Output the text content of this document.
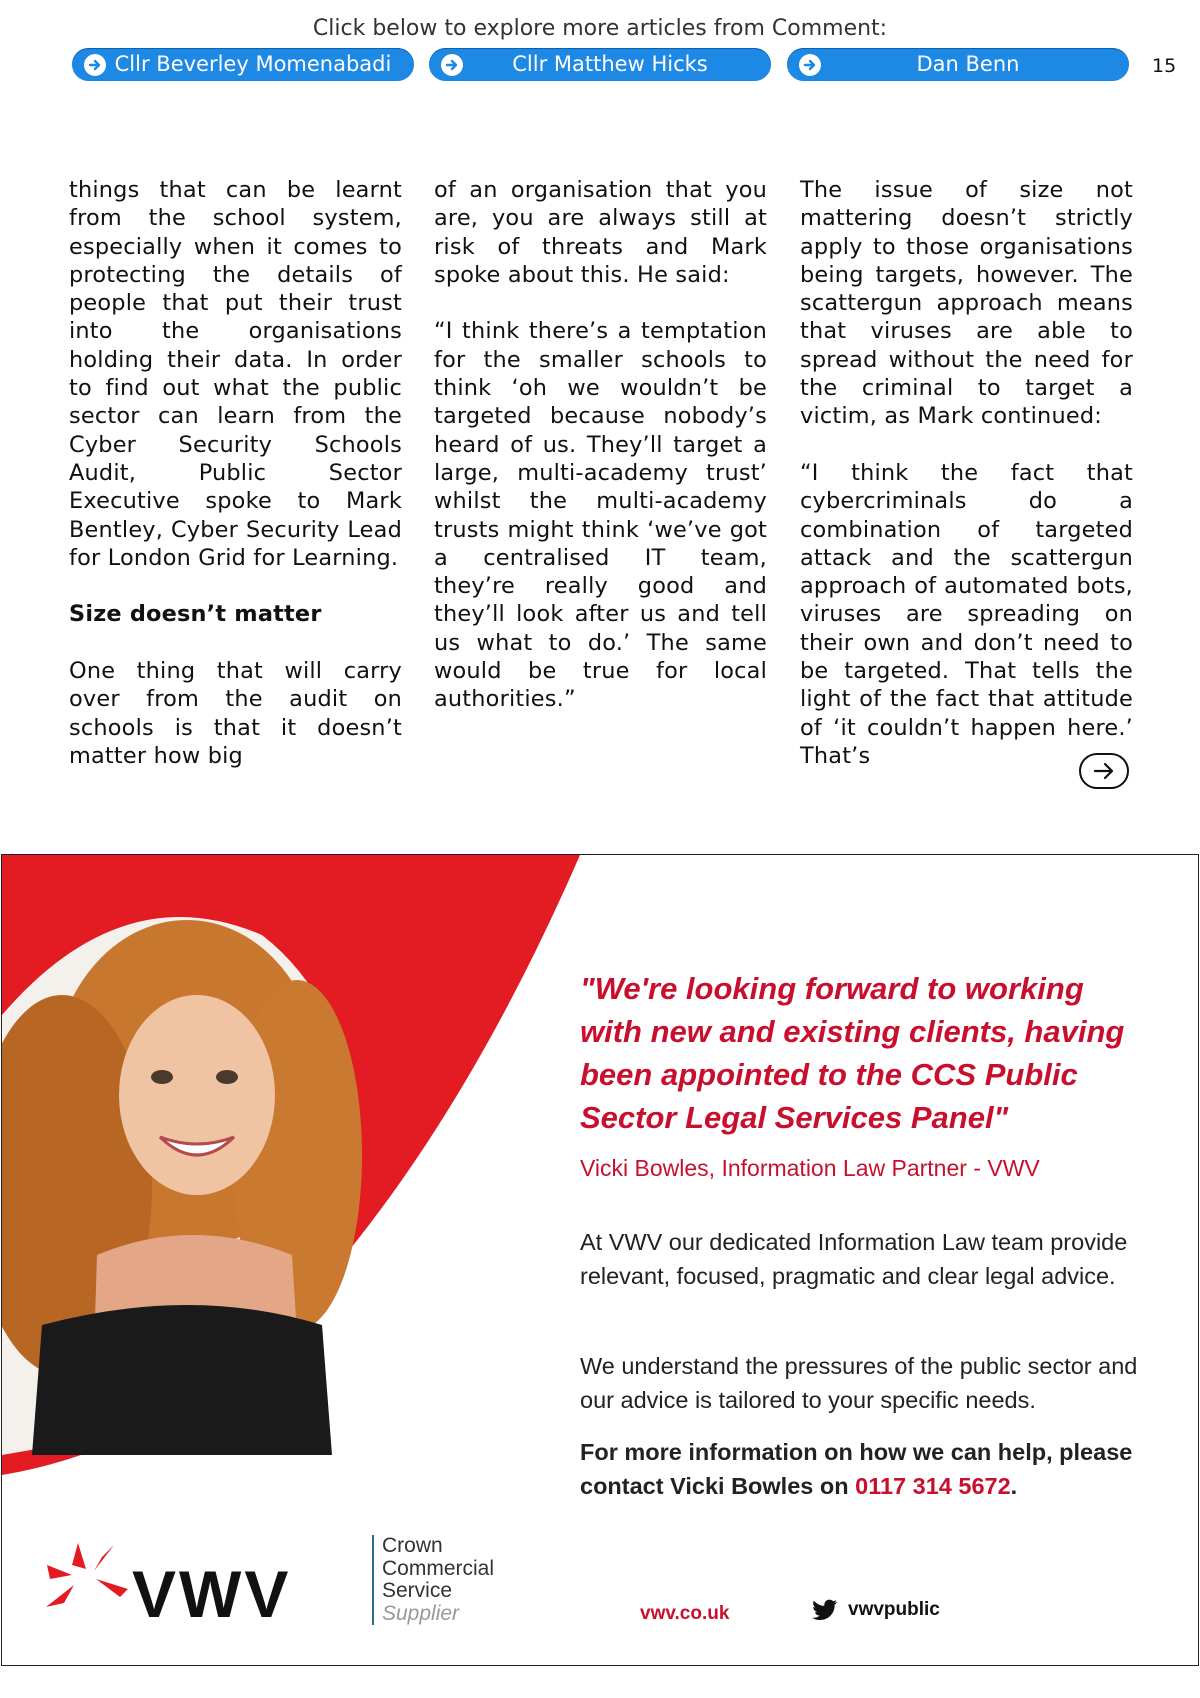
Click below to explore more articles from Comment:
Cllr Beverley Momenabadi	Cllr Matthew Hicks	Dan Benn	15

things that can be learnt from the school system, especially when it comes to protecting the details of people that put their trust into the organisations holding their data. In order to find out what the public sector can learn from the Cyber Security Schools Audit, Public Sector Executive spoke to Mark Bentley, Cyber Security Lead for London Grid for Learning.

Size doesn’t matter

One thing that will carry over from the audit on schools is that it doesn’t matter how big

of an organisation that you are, you are always still at risk of threats and Mark spoke about this. He said:

“I think there’s a temptation for the smaller schools to think ‘oh we wouldn’t be targeted because nobody’s heard of us. They’ll target a large, multi-academy trust’ whilst the multi-academy trusts might think ‘we’ve got a centralised IT team, they’re really good and they’ll look after us and tell us what to do.’ The same would be true for local authorities.”

The issue of size not mattering doesn’t strictly apply to those organisations being targets, however. The scattergun approach means that viruses are able to spread without the need for the criminal to target a victim, as Mark continued:

“I think the fact that cybercriminals do a combination of targeted attack and the scattergun approach of automated bots, viruses are spreading on their own and don’t need to be targeted. That tells the light of the fact that attitude of ‘it couldn’t happen here.’ That’s

"We're looking forward to working with new and existing clients, having been appointed to the CCS Public Sector Legal Services Panel"
Vicki Bowles, Information Law Partner - VWV

At VWV our dedicated Information Law team provide relevant, focused, pragmatic and clear legal advice.

We understand the pressures of the public sector and our advice is tailored to your specific needs.

For more information on how we can help, please contact Vicki Bowles on 0117 314 5672.
VWV
Crown
Commercial
Service
Supplier	vwv.co.uk	vwvpublic
